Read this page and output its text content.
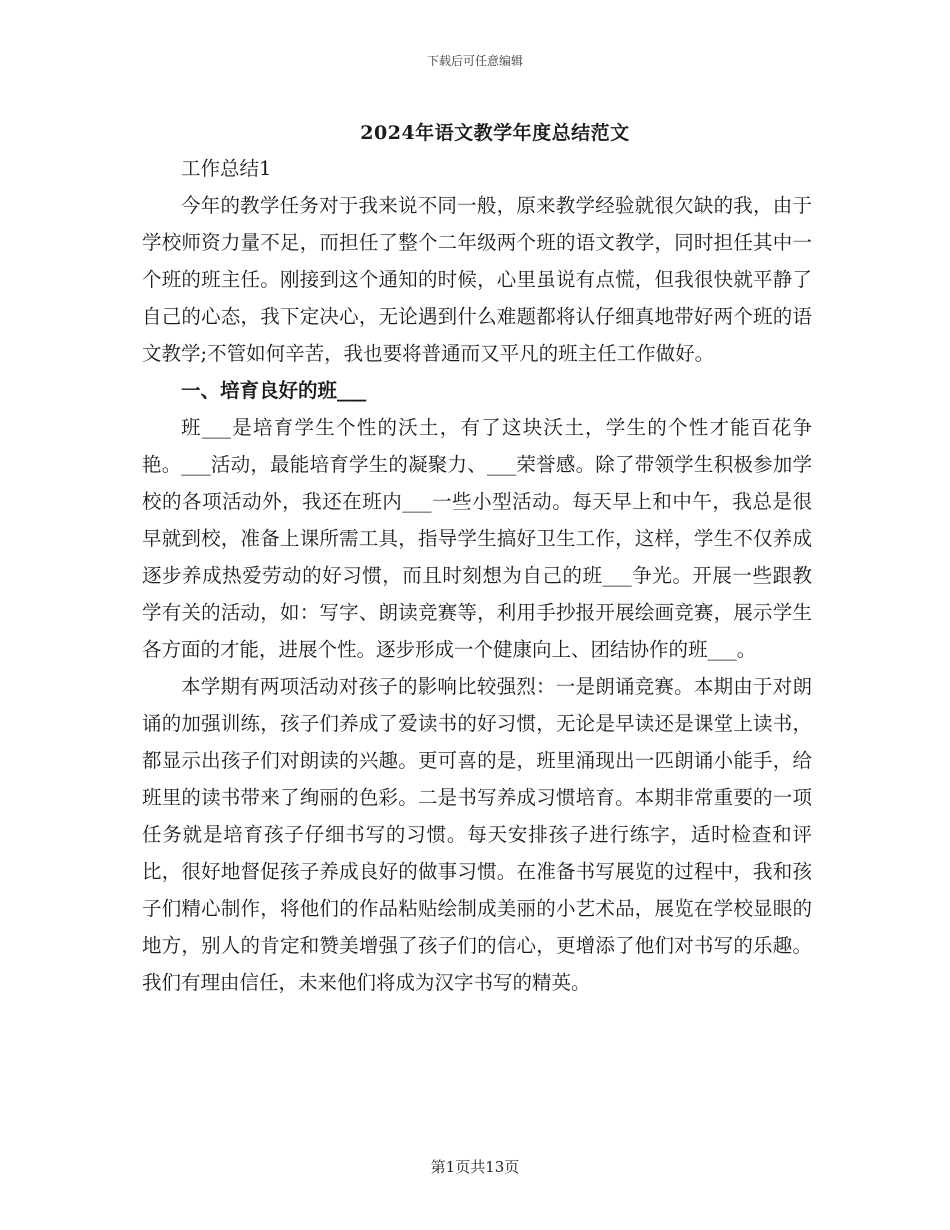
下载后可任意编辑
2024年语文教学年度总结范文

工作总结1

今年的教学任务对于我来说不同一般，原来教学经验就很欠缺的我，由于学校师资力量不足，而担任了整个二年级两个班的语文教学，同时担任其中一个班的班主任。刚接到这个通知的时候，心里虽说有点慌，但我很快就平静了自己的心态，我下定决心，无论遇到什么难题都将认仔细真地带好两个班的语文教学;不管如何辛苦，我也要将普通而又平凡的班主任工作做好。

一、培育良好的班___

班___是培育学生个性的沃土，有了这块沃土，学生的个性才能百花争艳。___活动，最能培育学生的凝聚力、___荣誉感。除了带领学生积极参加学校的各项活动外，我还在班内___一些小型活动。每天早上和中午，我总是很早就到校，准备上课所需工具，指导学生搞好卫生工作，这样，学生不仅养成逐步养成热爱劳动的好习惯，而且时刻想为自己的班___争光。开展一些跟教学有关的活动，如：写字、朗读竞赛等，利用手抄报开展绘画竞赛，展示学生各方面的才能，进展个性。逐步形成一个健康向上、团结协作的班___。

本学期有两项活动对孩子的影响比较强烈：一是朗诵竞赛。本期由于对朗诵的加强训练，孩子们养成了爱读书的好习惯，无论是早读还是课堂上读书，都显示出孩子们对朗读的兴趣。更可喜的是，班里涌现出一匹朗诵小能手，给班里的读书带来了绚丽的色彩。二是书写养成习惯培育。本期非常重要的一项任务就是培育孩子仔细书写的习惯。每天安排孩子进行练字，适时检查和评比，很好地督促孩子养成良好的做事习惯。在准备书写展览的过程中，我和孩子们精心制作，将他们的作品粘贴绘制成美丽的小艺术品，展览在学校显眼的地方，别人的肯定和赞美增强了孩子们的信心，更增添了他们对书写的乐趣。我们有理由信任，未来他们将成为汉字书写的精英。

第1页共13页
